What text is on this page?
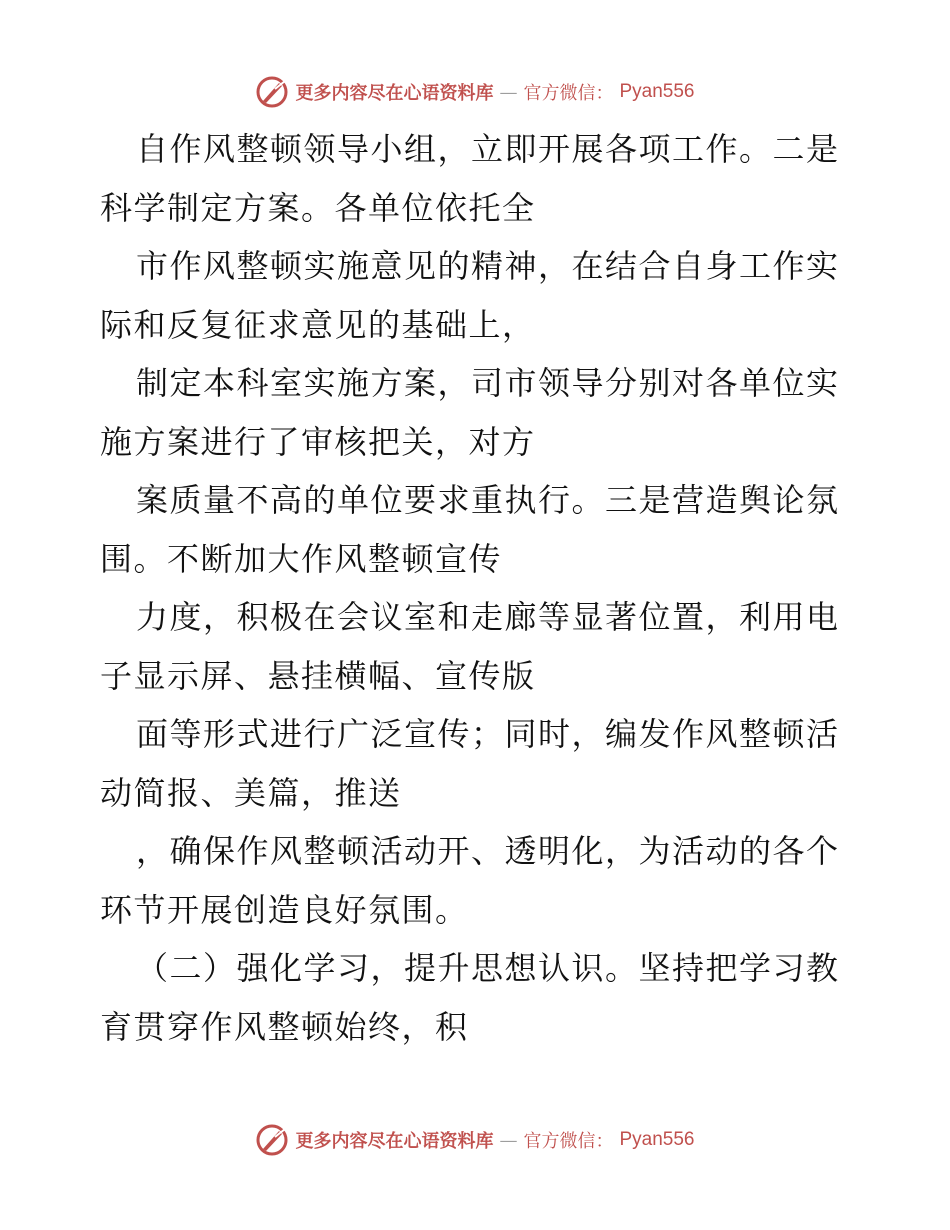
更多内容尽在心语资料库 — 官方微信： Pyan556
自作风整顿领导小组，立即开展各项工作。二是
科学制定方案。各单位依托全
市作风整顿实施意见的精神，在结合自身工作实
际和反复征求意见的基础上，
制定本科室实施方案，司市领导分别对各单位实
施方案进行了审核把关，对方
案质量不高的单位要求重执行。三是营造舆论氛
围。不断加大作风整顿宣传
力度，积极在会议室和走廊等显著位置，利用电
子显示屏、悬挂横幅、宣传版
面等形式进行广泛宣传；同时，编发作风整顿活
动简报、美篇，推送
，确保作风整顿活动开、透明化，为活动的各个
环节开展创造良好氛围。
（二）强化学习，提升思想认识。坚持把学习教
育贯穿作风整顿始终，积
更多内容尽在心语资料库 — 官方微信： Pyan556
